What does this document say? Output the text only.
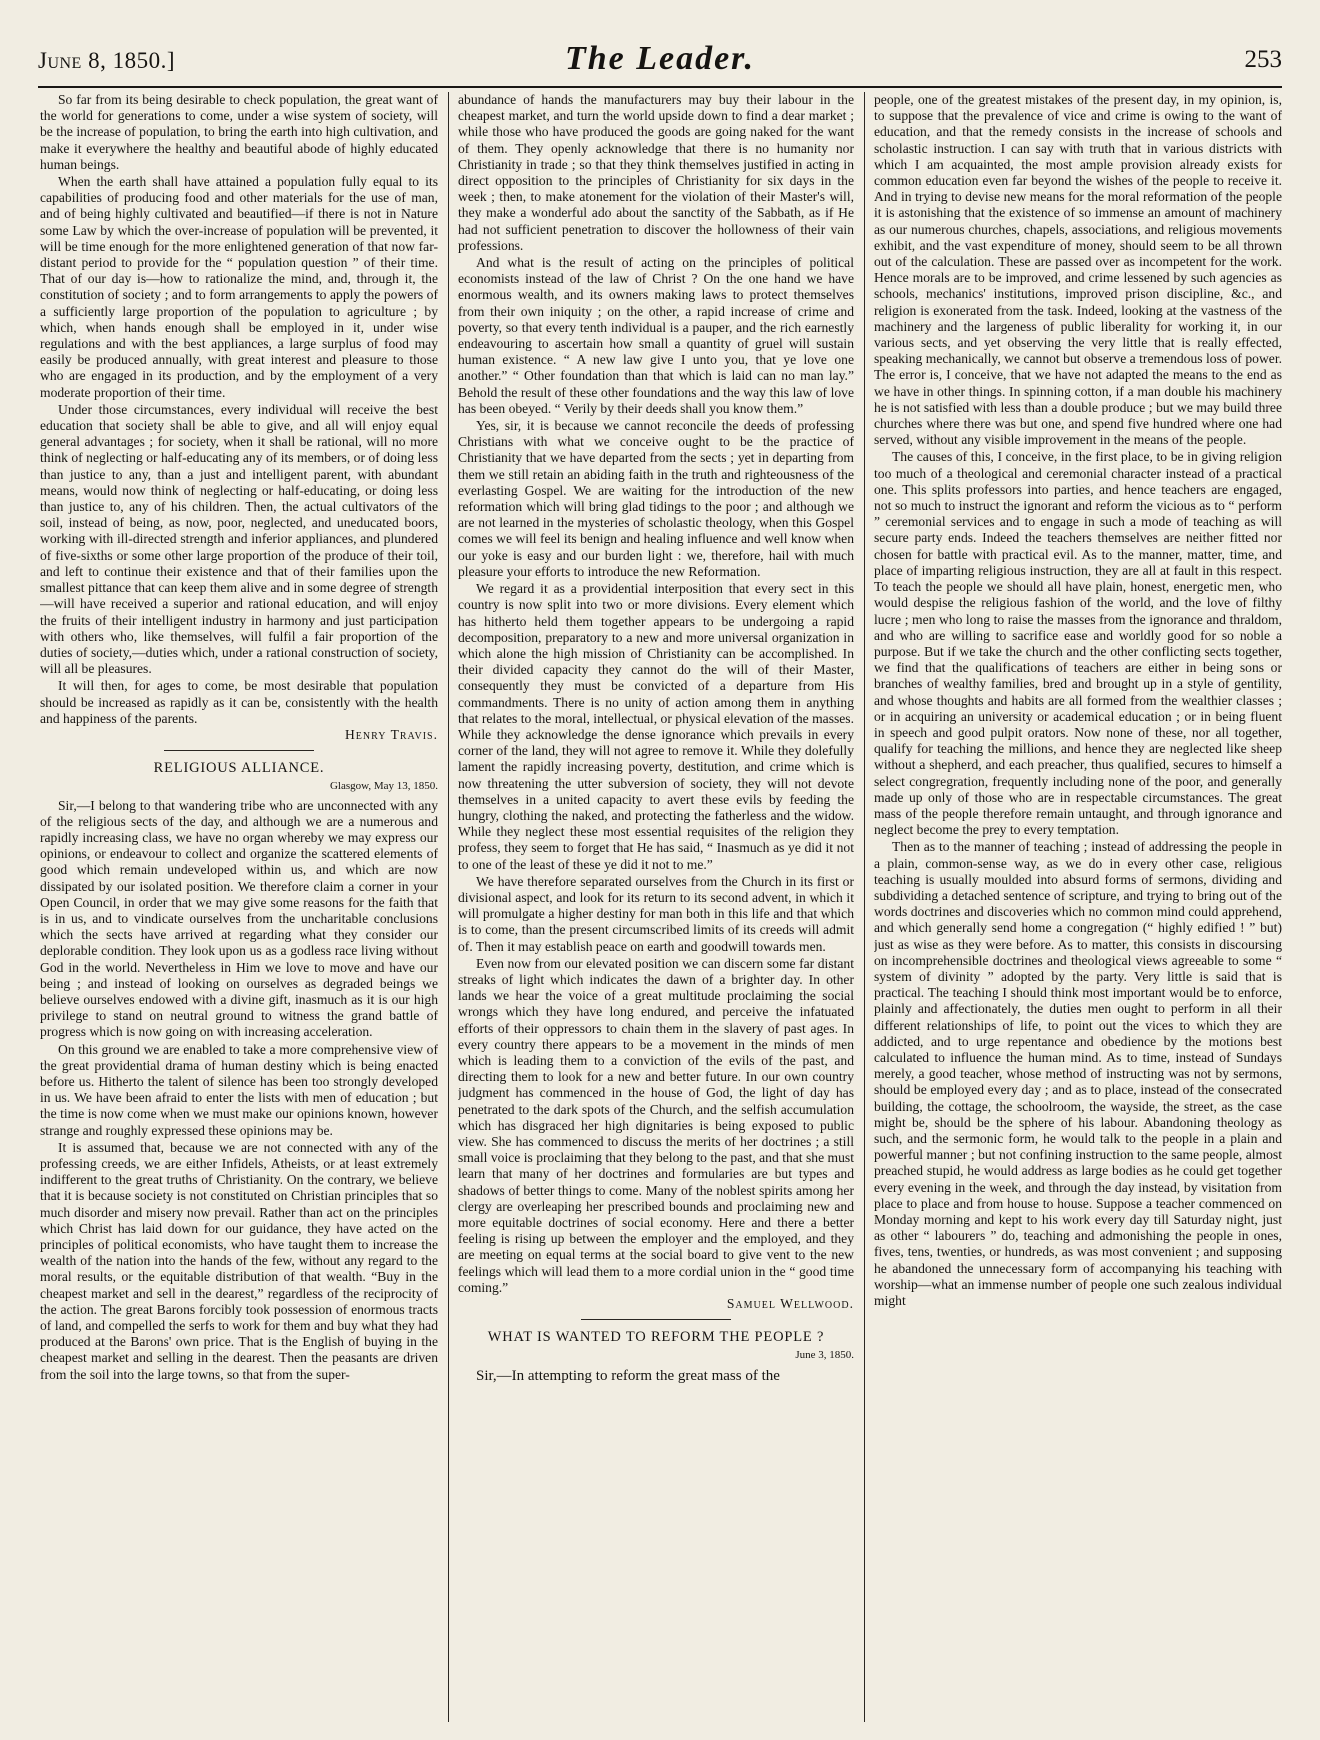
June 8, 1850.]	The Leader.	253

So far from its being desirable to check population, the great want of the world for generations to come, under a wise system of society, will be the increase of population, to bring the earth into high cultivation, and make it everywhere the healthy and beautiful abode of highly educated human beings.

When the earth shall have attained a population fully equal to its capabilities of producing food and other materials for the use of man, and of being highly cultivated and beautified—if there is not in Nature some Law by which the over-increase of population will be prevented, it will be time enough for the more enlightened generation of that now far-distant period to provide for the “ population question ” of their time. That of our day is—how to rationalize the mind, and, through it, the constitution of society ; and to form arrangements to apply the powers of a sufficiently large proportion of the population to agriculture ; by which, when hands enough shall be employed in it, under wise regulations and with the best appliances, a large surplus of food may easily be produced annually, with great interest and pleasure to those who are engaged in its production, and by the employment of a very moderate proportion of their time.

Under those circumstances, every individual will receive the best education that society shall be able to give, and all will enjoy equal general advantages ; for society, when it shall be rational, will no more think of neglecting or half-educating any of its members, or of doing less than justice to any, than a just and intelligent parent, with abundant means, would now think of neglecting or half-educating, or doing less than justice to, any of his children. Then, the actual cultivators of the soil, instead of being, as now, poor, neglected, and uneducated boors, working with ill-directed strength and inferior appliances, and plundered of five-sixths or some other large proportion of the produce of their toil, and left to continue their existence and that of their families upon the smallest pittance that can keep them alive and in some degree of strength—will have received a superior and rational education, and will enjoy the fruits of their intelligent industry in harmony and just participation with others who, like themselves, will fulfil a fair proportion of the duties of society,—duties which, under a rational construction of society, will all be pleasures.

It will then, for ages to come, be most desirable that population should be increased as rapidly as it can be, consistently with the health and happiness of the parents.

Henry Travis.
RELIGIOUS ALLIANCE.
Glasgow, May 13, 1850.

Sir,—I belong to that wandering tribe who are unconnected with any of the religious sects of the day, and although we are a numerous and rapidly increasing class, we have no organ whereby we may express our opinions, or endeavour to collect and organize the scattered elements of good which remain undeveloped within us, and which are now dissipated by our isolated position. We therefore claim a corner in your Open Council, in order that we may give some reasons for the faith that is in us, and to vindicate ourselves from the uncharitable conclusions which the sects have arrived at regarding what they consider our deplorable condition. They look upon us as a godless race living without God in the world. Nevertheless in Him we love to move and have our being ; and instead of looking on ourselves as degraded beings we believe ourselves endowed with a divine gift, inasmuch as it is our high privilege to stand on neutral ground to witness the grand battle of progress which is now going on with increasing acceleration.

On this ground we are enabled to take a more comprehensive view of the great providential drama of human destiny which is being enacted before us. Hitherto the talent of silence has been too strongly developed in us. We have been afraid to enter the lists with men of education ; but the time is now come when we must make our opinions known, however strange and roughly expressed these opinions may be.

It is assumed that, because we are not connected with any of the professing creeds, we are either Infidels, Atheists, or at least extremely indifferent to the great truths of Christianity. On the contrary, we believe that it is because society is not constituted on Christian principles that so much disorder and misery now prevail. Rather than act on the principles which Christ has laid down for our guidance, they have acted on the principles of political economists, who have taught them to increase the wealth of the nation into the hands of the few, without any regard to the moral results, or the equitable distribution of that wealth. “Buy in the cheapest market and sell in the dearest,” regardless of the reciprocity of the action. The great Barons forcibly took possession of enormous tracts of land, and compelled the serfs to work for them and buy what they had produced at the Barons' own price. That is the English of buying in the cheapest market and selling in the dearest. Then the peasants are driven from the soil into the large towns, so that from the super-

abundance of hands the manufacturers may buy their labour in the cheapest market, and turn the world upside down to find a dear market ; while those who have produced the goods are going naked for the want of them. They openly acknowledge that there is no humanity nor Christianity in trade ; so that they think themselves justified in acting in direct opposition to the principles of Christianity for six days in the week ; then, to make atonement for the violation of their Master's will, they make a wonderful ado about the sanctity of the Sabbath, as if He had not sufficient penetration to discover the hollowness of their vain professions.

And what is the result of acting on the principles of political economists instead of the law of Christ ? On the one hand we have enormous wealth, and its owners making laws to protect themselves from their own iniquity ; on the other, a rapid increase of crime and poverty, so that every tenth individual is a pauper, and the rich earnestly endeavouring to ascertain how small a quantity of gruel will sustain human existence. “ A new law give I unto you, that ye love one another.” “ Other foundation than that which is laid can no man lay.” Behold the result of these other foundations and the way this law of love has been obeyed. “ Verily by their deeds shall you know them.”

Yes, sir, it is because we cannot reconcile the deeds of professing Christians with what we conceive ought to be the practice of Christianity that we have departed from the sects ; yet in departing from them we still retain an abiding faith in the truth and righteousness of the everlasting Gospel. We are waiting for the introduction of the new reformation which will bring glad tidings to the poor ; and although we are not learned in the mysteries of scholastic theology, when this Gospel comes we will feel its benign and healing influence and well know when our yoke is easy and our burden light : we, therefore, hail with much pleasure your efforts to introduce the new Reformation.

We regard it as a providential interposition that every sect in this country is now split into two or more divisions. Every element which has hitherto held them together appears to be undergoing a rapid decomposition, preparatory to a new and more universal organization in which alone the high mission of Christianity can be accomplished. In their divided capacity they cannot do the will of their Master, consequently they must be convicted of a departure from His commandments. There is no unity of action among them in anything that relates to the moral, intellectual, or physical elevation of the masses. While they acknowledge the dense ignorance which prevails in every corner of the land, they will not agree to remove it. While they dolefully lament the rapidly increasing poverty, destitution, and crime which is now threatening the utter subversion of society, they will not devote themselves in a united capacity to avert these evils by feeding the hungry, clothing the naked, and protecting the fatherless and the widow. While they neglect these most essential requisites of the religion they profess, they seem to forget that He has said, “ Inasmuch as ye did it not to one of the least of these ye did it not to me.”

We have therefore separated ourselves from the Church in its first or divisional aspect, and look for its return to its second advent, in which it will promulgate a higher destiny for man both in this life and that which is to come, than the present circumscribed limits of its creeds will admit of. Then it may establish peace on earth and goodwill towards men.

Even now from our elevated position we can discern some far distant streaks of light which indicates the dawn of a brighter day. In other lands we hear the voice of a great multitude proclaiming the social wrongs which they have long endured, and perceive the infatuated efforts of their oppressors to chain them in the slavery of past ages. In every country there appears to be a movement in the minds of men which is leading them to a conviction of the evils of the past, and directing them to look for a new and better future. In our own country judgment has commenced in the house of God, the light of day has penetrated to the dark spots of the Church, and the selfish accumulation which has disgraced her high dignitaries is being exposed to public view. She has commenced to discuss the merits of her doctrines ; a still small voice is proclaiming that they belong to the past, and that she must learn that many of her doctrines and formularies are but types and shadows of better things to come. Many of the noblest spirits among her clergy are overleaping her prescribed bounds and proclaiming new and more equitable doctrines of social economy. Here and there a better feeling is rising up between the employer and the employed, and they are meeting on equal terms at the social board to give vent to the new feelings which will lead them to a more cordial union in the “ good time coming.”

Samuel Wellwood.
WHAT IS WANTED TO REFORM THE PEOPLE ?
June 3, 1850.

Sir,—In attempting to reform the great mass of the

people, one of the greatest mistakes of the present day, in my opinion, is, to suppose that the prevalence of vice and crime is owing to the want of education, and that the remedy consists in the increase of schools and scholastic instruction. I can say with truth that in various districts with which I am acquainted, the most ample provision already exists for common education even far beyond the wishes of the people to receive it. And in trying to devise new means for the moral reformation of the people it is astonishing that the existence of so immense an amount of machinery as our numerous churches, chapels, associations, and religious movements exhibit, and the vast expenditure of money, should seem to be all thrown out of the calculation. These are passed over as incompetent for the work. Hence morals are to be improved, and crime lessened by such agencies as schools, mechanics' institutions, improved prison discipline, &c., and religion is exonerated from the task. Indeed, looking at the vastness of the machinery and the largeness of public liberality for working it, in our various sects, and yet observing the very little that is really effected, speaking mechanically, we cannot but observe a tremendous loss of power. The error is, I conceive, that we have not adapted the means to the end as we have in other things. In spinning cotton, if a man double his machinery he is not satisfied with less than a double produce ; but we may build three churches where there was but one, and spend five hundred where one had served, without any visible improvement in the means of the people.

The causes of this, I conceive, in the first place, to be in giving religion too much of a theological and ceremonial character instead of a practical one. This splits professors into parties, and hence teachers are engaged, not so much to instruct the ignorant and reform the vicious as to “ perform ” ceremonial services and to engage in such a mode of teaching as will secure party ends. Indeed the teachers themselves are neither fitted nor chosen for battle with practical evil. As to the manner, matter, time, and place of imparting religious instruction, they are all at fault in this respect. To teach the people we should all have plain, honest, energetic men, who would despise the religious fashion of the world, and the love of filthy lucre ; men who long to raise the masses from the ignorance and thraldom, and who are willing to sacrifice ease and worldly good for so noble a purpose. But if we take the church and the other conflicting sects together, we find that the qualifications of teachers are either in being sons or branches of wealthy families, bred and brought up in a style of gentility, and whose thoughts and habits are all formed from the wealthier classes ; or in acquiring an university or academical education ; or in being fluent in speech and good pulpit orators. Now none of these, nor all together, qualify for teaching the millions, and hence they are neglected like sheep without a shepherd, and each preacher, thus qualified, secures to himself a select congregration, frequently including none of the poor, and generally made up only of those who are in respectable circumstances. The great mass of the people therefore remain untaught, and through ignorance and neglect become the prey to every temptation.

Then as to the manner of teaching ; instead of addressing the people in a plain, common-sense way, as we do in every other case, religious teaching is usually moulded into absurd forms of sermons, dividing and subdividing a detached sentence of scripture, and trying to bring out of the words doctrines and discoveries which no common mind could apprehend, and which generally send home a congregation (“ highly edified ! ” but) just as wise as they were before. As to matter, this consists in discoursing on incomprehensible doctrines and theological views agreeable to some “ system of divinity ” adopted by the party. Very little is said that is practical. The teaching I should think most important would be to enforce, plainly and affectionately, the duties men ought to perform in all their different relationships of life, to point out the vices to which they are addicted, and to urge repentance and obedience by the motions best calculated to influence the human mind. As to time, instead of Sundays merely, a good teacher, whose method of instructing was not by sermons, should be employed every day ; and as to place, instead of the consecrated building, the cottage, the schoolroom, the wayside, the street, as the case might be, should be the sphere of his labour. Abandoning theology as such, and the sermonic form, he would talk to the people in a plain and powerful manner ; but not confining instruction to the same people, almost preached stupid, he would address as large bodies as he could get together every evening in the week, and through the day instead, by visitation from place to place and from house to house. Suppose a teacher commenced on Monday morning and kept to his work every day till Saturday night, just as other “ labourers ” do, teaching and admonishing the people in ones, fives, tens, twenties, or hundreds, as was most convenient ; and supposing he abandoned the unnecessary form of accompanying his teaching with worship—what an immense number of people one such zealous individual might
